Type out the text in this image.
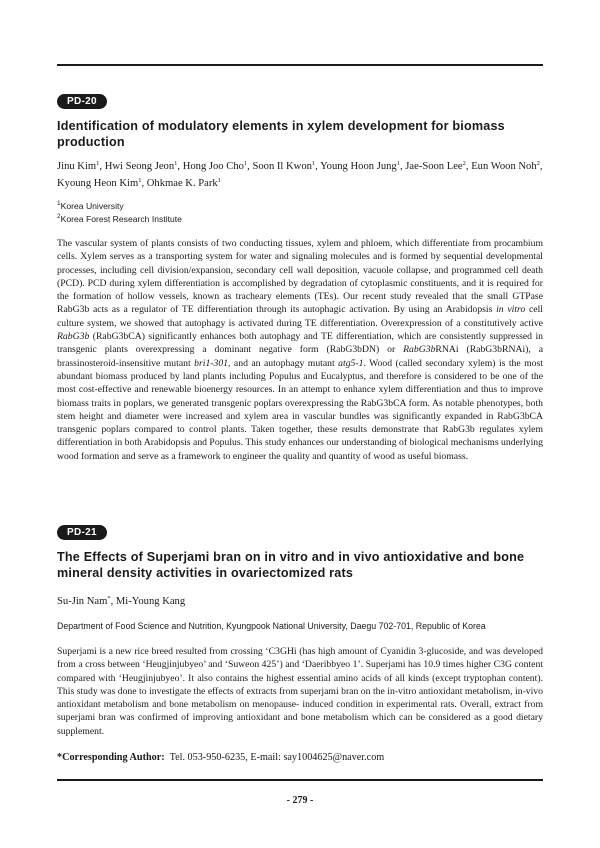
PD-20
Identification of modulatory elements in xylem development for biomass production
Jinu Kim$^1$, Hwi Seong Jeon$^1$, Hong Joo Cho$^1$, Soon Il Kwon$^1$, Young Hoon Jung$^1$, Jae-Soon Lee$^2$, Eun Woon Noh$^2$, Kyoung Heon Kim$^1$, Ohkmae K. Park$^1$
$^1$Korea University
$^2$Korea Forest Research Institute

The vascular system of plants consists of two conducting tissues, xylem and phloem, which differentiate from procambium cells. Xylem serves as a transporting system for water and signaling molecules and is formed by sequential developmental processes, including cell division/expansion, secondary cell wall deposition, vacuole collapse, and programmed cell death (PCD). PCD during xylem differentiation is accomplished by degradation of cytoplasmic constituents, and it is required for the formation of hollow vessels, known as tracheary elements (TEs). Our recent study revealed that the small GTPase RabG3b acts as a regulator of TE differentiation through its autophagic activation. By using an Arabidopsis in vitro cell culture system, we showed that autophagy is activated during TE differentiation. Overexpression of a constitutively active RabG3b (RabG3bCA) significantly enhances both autophagy and TE differentiation, which are consistently suppressed in transgenic plants overexpressing a dominant negative form (RabG3bDN) or RabG3bRNAi (RabG3bRNAi), a brassinosteroid-insensitive mutant bri1-301, and an autophagy mutant atg5-1. Wood (called secondary xylem) is the most abundant biomass produced by land plants including Populus and Eucalyptus, and therefore is considered to be one of the most cost-effective and renewable bioenergy resources. In an attempt to enhance xylem differentiation and thus to improve biomass traits in poplars, we generated transgenic poplars overexpressing the RabG3bCA form. As notable phenotypes, both stem height and diameter were increased and xylem area in vascular bundles was significantly expanded in RabG3bCA transgenic poplars compared to control plants. Taken together, these results demonstrate that RabG3b regulates xylem differentiation in both Arabidopsis and Populus. This study enhances our understanding of biological mechanisms underlying wood formation and serve as a framework to engineer the quality and quantity of wood as useful biomass.

PD-21
The Effects of Superjami bran on in vitro and in vivo antioxidative and bone mineral density activities in ovariectomized rats
Su-Jin Nam*, Mi-Young Kang
Department of Food Science and Nutrition, Kyungpook National University, Daegu 702-701, Republic of Korea
Superjami is a new rice breed resulted from crossing ‘C3GHi (has high amount of Cyanidin 3-glucoside, and was developed from a cross between ‘Heugjinjubyeo’ and ‘Suweon 425’) and ‘Daeribbyeo 1’. Superjami has 10.9 times higher C3G content compared with ‘Heugjinjubyeo’. It also contains the highest essential amino acids of all kinds (except tryptophan content). This study was done to investigate the effects of extracts from superjami bran on the in-vitro antioxidant metabolism, in-vivo antioxidant metabolism and bone metabolism on menopause- induced condition in experimental rats. Overall, extract from superjami bran was confirmed of improving antioxidant and bone metabolism which can be considered as a good dietary supplement.
*Corresponding Author: Tel. 053-950-6235, E-mail: say1004625@naver.com
- 279 -
